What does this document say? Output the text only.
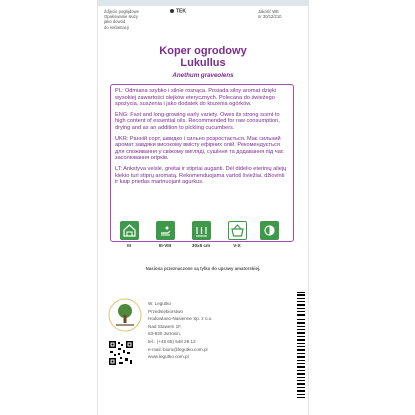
Zdjęcie poglądowe
Opakowanie służy
jako dowód
do reklamacji
TEK	Jakość WE
nr 30/12/210
Koper ogrodowy
Lukullus
Anethum graveolens

PL: Odmiana szybko i silnie rosnąca. Posiada silny aromat dzięki wysokiej zawartości olejków eterycznych. Polecana do świeżego spożycia, suszenia i jako dodatek do kiszenia ogórków.

ENG: Fast and long-growing early variety. Owes its strong scent to high content of essential oils. Recommended for raw consumption, drying and as an addition to pickling cucumbers.

UKR: Ранній сорт, швидко і сильно розростається. Має сильний аромат завдяки високому вмісту ефірних олій. Рекомендується для споживання у свіжому вигляді, сушіння та додавання під час засолювання огірків.

LT: Ankstyva veislė, greitai ir stipriai auganti. Dėl didelio eterinių aliejų kiekio turi stiprų aromatą. Rekomenduojama vartoti šviežiai, džiovinti ir kaip priedas marinuojant agurkus.

III	III-VIII	30x5 cm	V-X
Nasiona przeznaczone są tylko do uprawy amatorskiej.
W. Legutko
Przedsiębiorstwo
Hodowlano-Nasienne Sp. z o.o.
Nad Stawem 1F,
63-930 Jutrosin,
tel.: (+48 65) 548 28 12
e-mail: biuro@legutko.com.pl
www.legutko.com.pl
